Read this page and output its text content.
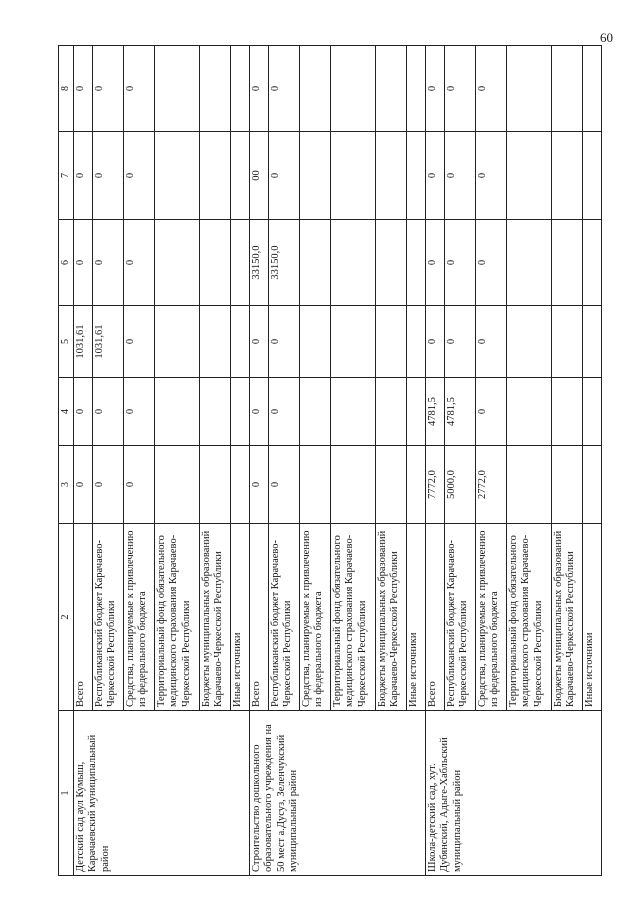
60
1	2	3	4	5	6	7	8
Детский сад аул Кумыш, Карачаевский муниципальный район	Всего	0	0	1031,61	0	0	0
	Республиканский бюджет Карачаево-Черкесской Республики	0	0	1031,61	0	0	0
	Средства, планируемые к привлечению из федерального бюджета	0	0	0	0	0	0
	Территориальный фонд обязательного медицинского страхования Карачаево-Черкесской Республики						
	Бюджеты муниципальных образований Карачаево-Черкесской Республики						
	Иные источники						
Строительство дошкольного образовательного учреждения на 50 мест а.Дусуз, Зеленчукский муниципальный район	Всего	0	0	0	33150,0	00	0
	Республиканский бюджет Карачаево-Черкесской Республики	0	0	0	33150,0	0	0
	Средства, планируемые к привлечению из федерального бюджета						
	Территориальный фонд обязательного медицинского страхования Карачаево-Черкесской Республики						
	Бюджеты муниципальных образований Карачаево-Черкесской Республики						
	Иные источники						
Школа-детский сад, хут. Дубянский, Адыге-Хабльский муниципальный район	Всего	7772,0	4781,5	0	0	0	0
	Республиканский бюджет Карачаево-Черкесской Республики	5000,0	4781,5	0	0	0	0
	Средства, планируемые к привлечению из федерального бюджета	2772,0	0	0	0	0	0
	Территориальный фонд обязательного медицинского страхования Карачаево-Черкесской Республики						
	Бюджеты муниципальных образований Карачаево-Черкесской Республики						
	Иные источники						
